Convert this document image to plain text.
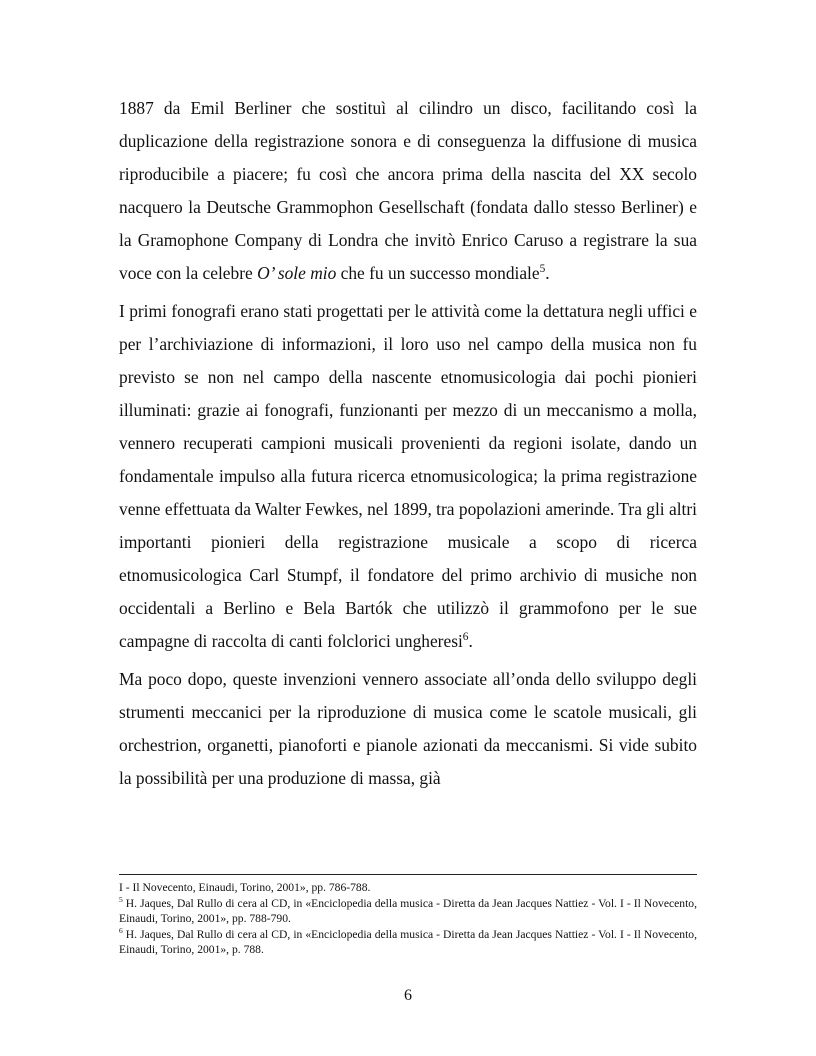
1887 da Emil Berliner che sostituì al cilindro un disco, facilitando così la duplicazione della registrazione sonora e di conseguenza la diffusione di musica riproducibile a piacere; fu così che ancora prima della nascita del XX secolo nacquero la Deutsche Grammophon Gesellschaft (fondata dallo stesso Berliner) e la Gramophone Company di Londra che invitò Enrico Caruso a registrare la sua voce con la celebre O’ sole mio che fu un successo mondiale$^5$.

I primi fonografi erano stati progettati per le attività come la dettatura negli uffici e per l’archiviazione di informazioni, il loro uso nel campo della musica non fu previsto se non nel campo della nascente etnomusicologia dai pochi pionieri illuminati: grazie ai fonografi, funzionanti per mezzo di un meccanismo a molla, vennero recuperati campioni musicali provenienti da regioni isolate, dando un fondamentale impulso alla futura ricerca etnomusicologica; la prima registrazione venne effettuata da Walter Fewkes, nel 1899, tra popolazioni amerinde. Tra gli altri importanti pionieri della registrazione musicale a scopo di ricerca etnomusicologica Carl Stumpf, il fondatore del primo archivio di musiche non occidentali a Berlino e Bela Bartók che utilizzò il grammofono per le sue campagne di raccolta di canti folclorici ungheresi$^6$.

Ma poco dopo, queste invenzioni vennero associate all’onda dello sviluppo degli strumenti meccanici per la riproduzione di musica come le scatole musicali, gli orchestrion, organetti, pianoforti e pianole azionati da meccanismi. Si vide subito la possibilità per una produzione di massa, già

I - Il Novecento, Einaudi, Torino, 2001», pp. 786-788.

$^5$ H. Jaques, Dal Rullo di cera al CD, in «Enciclopedia della musica - Diretta da Jean Jacques Nattiez - Vol. I - Il Novecento, Einaudi, Torino, 2001», pp. 788-790.

$^6$ H. Jaques, Dal Rullo di cera al CD, in «Enciclopedia della musica - Diretta da Jean Jacques Nattiez - Vol. I - Il Novecento, Einaudi, Torino, 2001», p. 788.

6
